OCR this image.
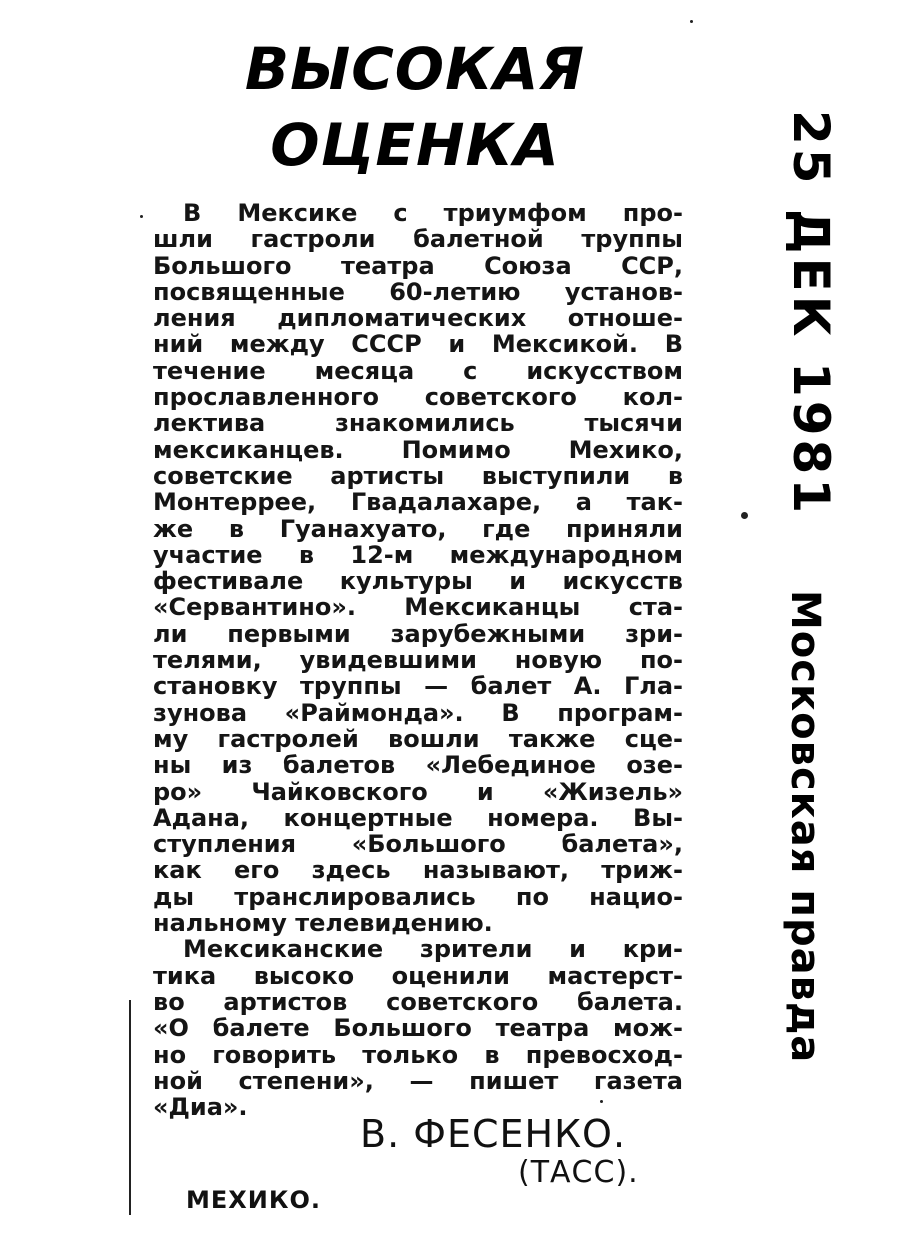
ВЫСОКАЯ
ОЦЕНКА
В Мексике с триумфом про-
шли гастроли балетной труппы
Большого театра Союза ССР,
посвященные 60-летию установ-
ления дипломатических отноше-
ний между СССР и Мексикой. В
течение месяца с искусством
прославленного советского кол-
лектива знакомились тысячи
мексиканцев. Помимо Мехико,
советские артисты выступили в
Монтеррее, Гвадалахаре, а так-
же в Гуанахуато, где приняли
участие в 12-м международном
фестивале культуры и искусств
«Сервантино». Мексиканцы ста-
ли первыми зарубежными зри-
телями, увидевшими новую по-
становку труппы — балет А. Гла-
зунова «Раймонда». В програм-
му гастролей вошли также сце-
ны из балетов «Лебединое озе-
ро» Чайковского и «Жизель»
Адана, концертные номера. Вы-
ступления «Большого балета»,
как его здесь называют, триж-
ды транслировались по нацио-
нальному телевидению.
Мексиканские зрители и кри-
тика высоко оценили мастерст-
во артистов советского балета.
«О балете Большого театра мож-
но говорить только в превосход-
ной степени», — пишет газета
«Диа».
В. ФЕСЕНКО.
(ТАСС).
МЕХИКО.
25 ДЕК 1981
Московская правда
